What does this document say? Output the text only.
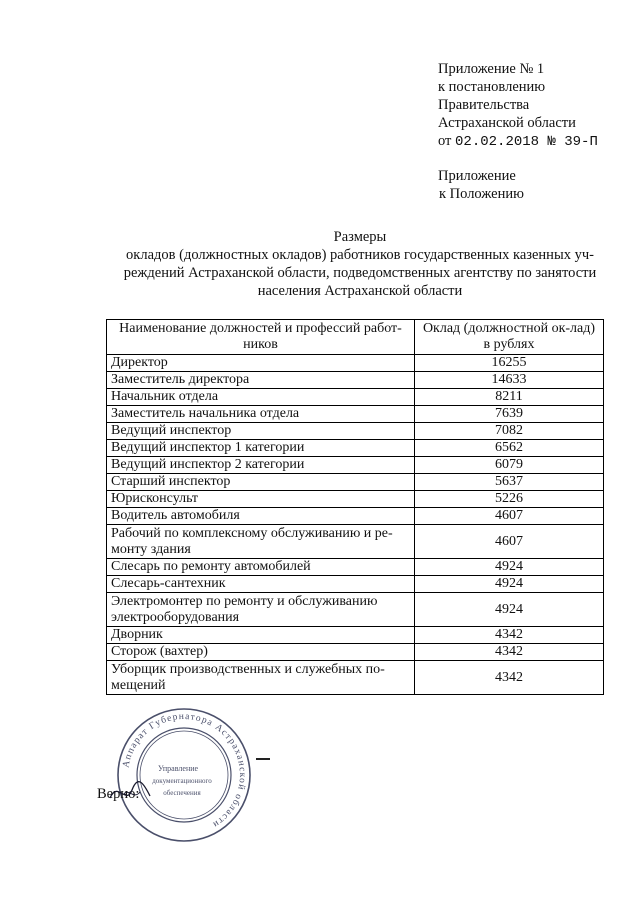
Приложение № 1
к постановлению
Правительства
Астраханской области
от 02.02.2018 № 39-П
Приложение
к Положению
Размеры
окладов (должностных окладов) работников государственных казенных уч-
реждений Астраханской области, подведомственных агентству по занятости
населения Астраханской области
Наименование должностей и профессий работ-ников	Оклад (должностной ок-лад) в рублях
Директор	16255
Заместитель директора	14633
Начальник отдела	8211
Заместитель начальника отдела	7639
Ведущий инспектор	7082
Ведущий инспектор 1 категории	6562
Ведущий инспектор 2 категории	6079
Старший инспектор	5637
Юрисконсульт	5226
Водитель автомобиля	4607
Рабочий по комплексному обслуживанию и ре-монту здания	4607
Слесарь по ремонту автомобилей	4924
Слесарь-сантехник	4924
Электромонтер по ремонту и обслуживанию электрооборудования	4924
Дворник	4342
Сторож (вахтер)	4342
Уборщик производственных и служебных по-мещений	4342
Аппарат Губернатора Астраханской области
Управление
документационного
обеспечения
Верно:
